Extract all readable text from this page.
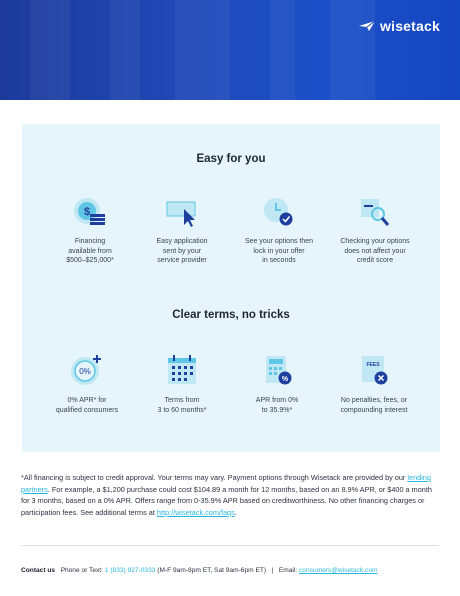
wisetack
Easy for you
$
Financing
available from
$500–$25,000*
Easy application
sent by your
service provider
See your options then
lock in your offer
in seconds
Checking your options
does not affect your
credit score
Clear terms, no tricks
0%
0% APR* for
qualified consumers
Terms from
3 to 60 months*
%
APR from 0%
to 35.9%*
FEES
No penalties, fees, or
compounding interest
*All financing is subject to credit approval. Your terms may vary. Payment options through Wisetack are provided by our lending partners. For example, a $1,200 purchase could cost $104.89 a month for 12 months, based on an 8.9% APR, or $400 a month for 3 months, based on a 0% APR. Offers range from 0-35.9% APR based on creditworthiness. No other financing charges or participation fees. See additional terms at http://wisetack.com/faqs.
Contact us Phone or Text: 1 (833) 927-0333 (M-F 9am-8pm ET, Sat 9am-6pm ET) | Email: consumers@wisetack.com
